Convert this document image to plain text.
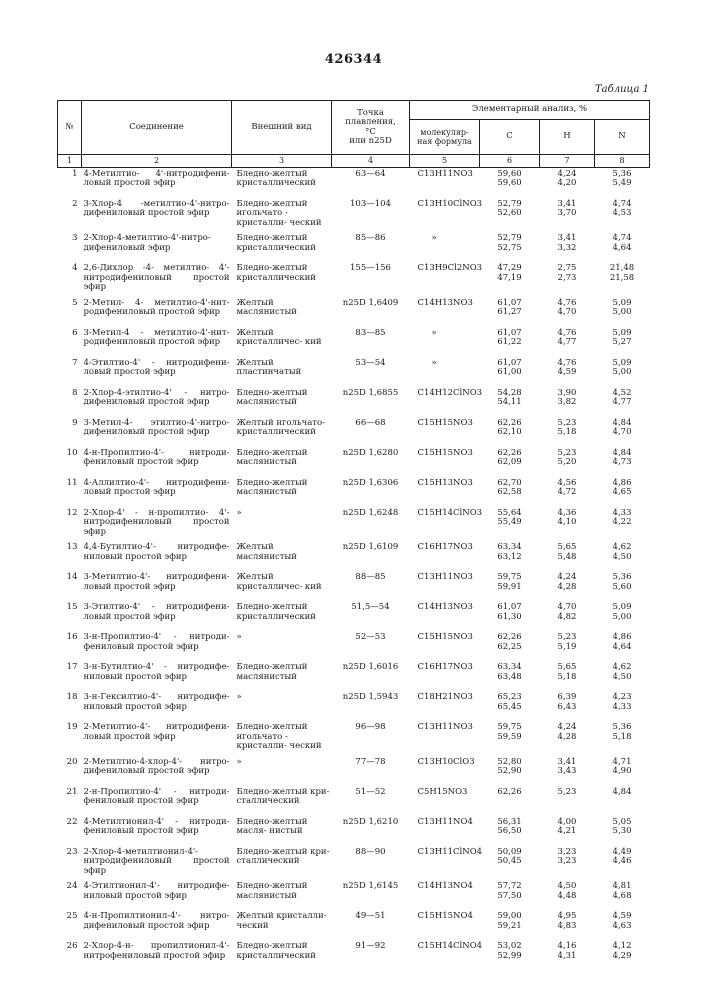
426344
Таблица 1
№	Соединение	Внешний вид	
Точка плавления,
°C
или n25D
	Элементарный анализ, %

молекуляр-
ная формула
	C	H	N
1	2	3	4	5	6	7	8
1	4-Метилтио- 4'-нитродифени- ловый простой эфир	Бледно-желтый кристаллический	63—64	C13H11NO3	59,60
59,60

4,24
4,20

5,36
5,49

2	3-Хлор-4 -метилтио-4'-нитро- дифениловый простой эфир	Бледно-желтый игольчато - кристалли- ческий	103—104	C13H10ClNO3	52,79
52,60

3,41
3,70

4,74
4,53

3	2-Хлор-4-метилтио-4'-нитро- дифениловый эфир	Бледно-желтый кристаллический	85—86	»	52,79
52,75

3,41
3,32

4,74
4,64

4	2,6-Дихлор -4- метилтио- 4'- нитродифениловый простой эфир	Бледно-желтый кристаллический	155—156	C13H9Cl2NO3	47,29
47,19

2,75
2,73

21,48
21,58

5	2-Метил- 4- метилтио-4'-нит- родифениловый простой эфир	Желтый маслянистый	n25D 1,6409	C14H13NO3	61,07
61,27

4,76
4,70

5,09
5,00

6	3-Метил-4 - метилтио-4'-нит- родифениловый простой эфир	Желтый кристалличес- кий	83—85	»	61,07
61,22

4,76
4,77

5,09
5,27

7	4-Этилтио-4' - нитродифени- ловый простой эфир	Желтый пластинчатый	53—54	»	61,07
61,00

4,76
4,59

5,09
5,00

8	2-Хлор-4-этилтио-4' - нитро- дифениловый простой эфир	Бледно-желтый маслянистый	n25D 1,6855	C14H12ClNO3	54,28
54,11

3,90
3,82

4,52
4,77

9	3-Метил-4- этилтио-4'-нитро- дифениловый простой эфир	Желтый игольчато- кристаллический	66—68	C15H15NO3	62,26
62,10

5,23
5,18

4,84
4,70

10	4-н-Пропилтио-4'- нитроди- фениловый простой эфир	Бледно-желтый маслянистый	n25D 1,6280	C15H15NO3	62,26
62,09

5,23
5,20

4,84
4,73

11	4-Аллилтио-4'- нитродифени- ловый простой эфир	Бледно-желтый маслянистый	n25D 1,6306	C15H13NO3	62,70
62,58

4,56
4,72

4,86
4,65

12	2-Хлор-4' - н-пропилтио- 4'- нитродифениловый простой эфир	»	n25D 1,6248	C15H14ClNO3	55,64
55,49

4,36
4,10

4,33
4,22

13	4,4-Бутилтио-4'- нитродифе- ниловый простой эфир	Желтый маслянистый	n25D 1,6109	C16H17NO3	63,34
63,12

5,65
5,48

4,62
4,50

14	3-Метилтио-4'- нитродифени- ловый простой эфир	Желтый кристалличес- кий	88—85	C13H11NO3	59,75
59,91

4,24
4,28

5,36
5,60

15	3-Этилтио-4' - нитродифени- ловый простой эфир	Бледно-желтый кристаллический	51,5—54	C14H13NO3	61,07
61,30

4,70
4,82

5,09
5,00

16	3-н-Пропилтио-4' - нитроди- фениловый простой эфир	»	52—53	C15H15NO3	62,26
62,25

5,23
5,19

4,86
4,64

17	3-н-Бутилтио-4' - нитродифе- ниловый простой эфир	Бледно-желтый маслянистый	n25D 1,6016	C16H17NO3	63,34
63,48

5,65
5,18

4,62
4,50

18	3-н-Гексилтио-4'- нитродифе- ниловый простой эфир	»	n25D 1,5943	C18H21NO3	65,23
65,45

6,39
6,43

4,23
4,33

19	2-Метилтио-4'- нитродифени- ловый простой эфир	Бледно-желтый игольчато - кристалли- ческий	96—98	C13H11NO3	59,75
59,59

4,24
4,28

5,36
5,18

20	2-Метилтио-4-хлор-4'- нитро- дифениловый простой эфир	»	77—78	C13H10ClO3	52,80
52,90

3,41
3,43

4,71
4,90

21	2-н-Пропилтио-4' - нитроди- фениловый простой эфир	Бледно-желтый кри- сталлический	51—52	C5H15NO3	62,26	5,23	4,84

22	4-Метилтионил-4' - нитроди- фениловый простой эфир	Бледно-желтый масля- нистый	n25D 1,6210	C13H11NO4	56,31
56,50

4,00
4,21

5,05
5,30

23	2-Хлор-4-метилтионил-4'- нитродифениловый простой эфир	Бледно-желтый кри- сталлический	88—90	C13H11ClNO4	50,09
50,45

3,23
3,23

4,49
4,46

24	4-Этилтионил-4'- нитродифе- ниловый простой эфир	Бледно-желтый маслянистый	n25D 1,6145	C14H13NO4	57,72
57,50

4,50
4,48

4,81
4,68

25	4-н-Пропилтионил-4'- нитро- дифениловый простой эфир	Желтый кристалли- ческий	49—51	C15H15NO4	59,00
59,21

4,95
4,83

4,59
4,63

26	2-Хлор-4-н- пропилтионил-4'- нитрофениловый простой эфир	Бледно-желтый кристаллический	91—92	C15H14ClNO4	53,02
52,99

4,16
4,31

4,12
4,29
